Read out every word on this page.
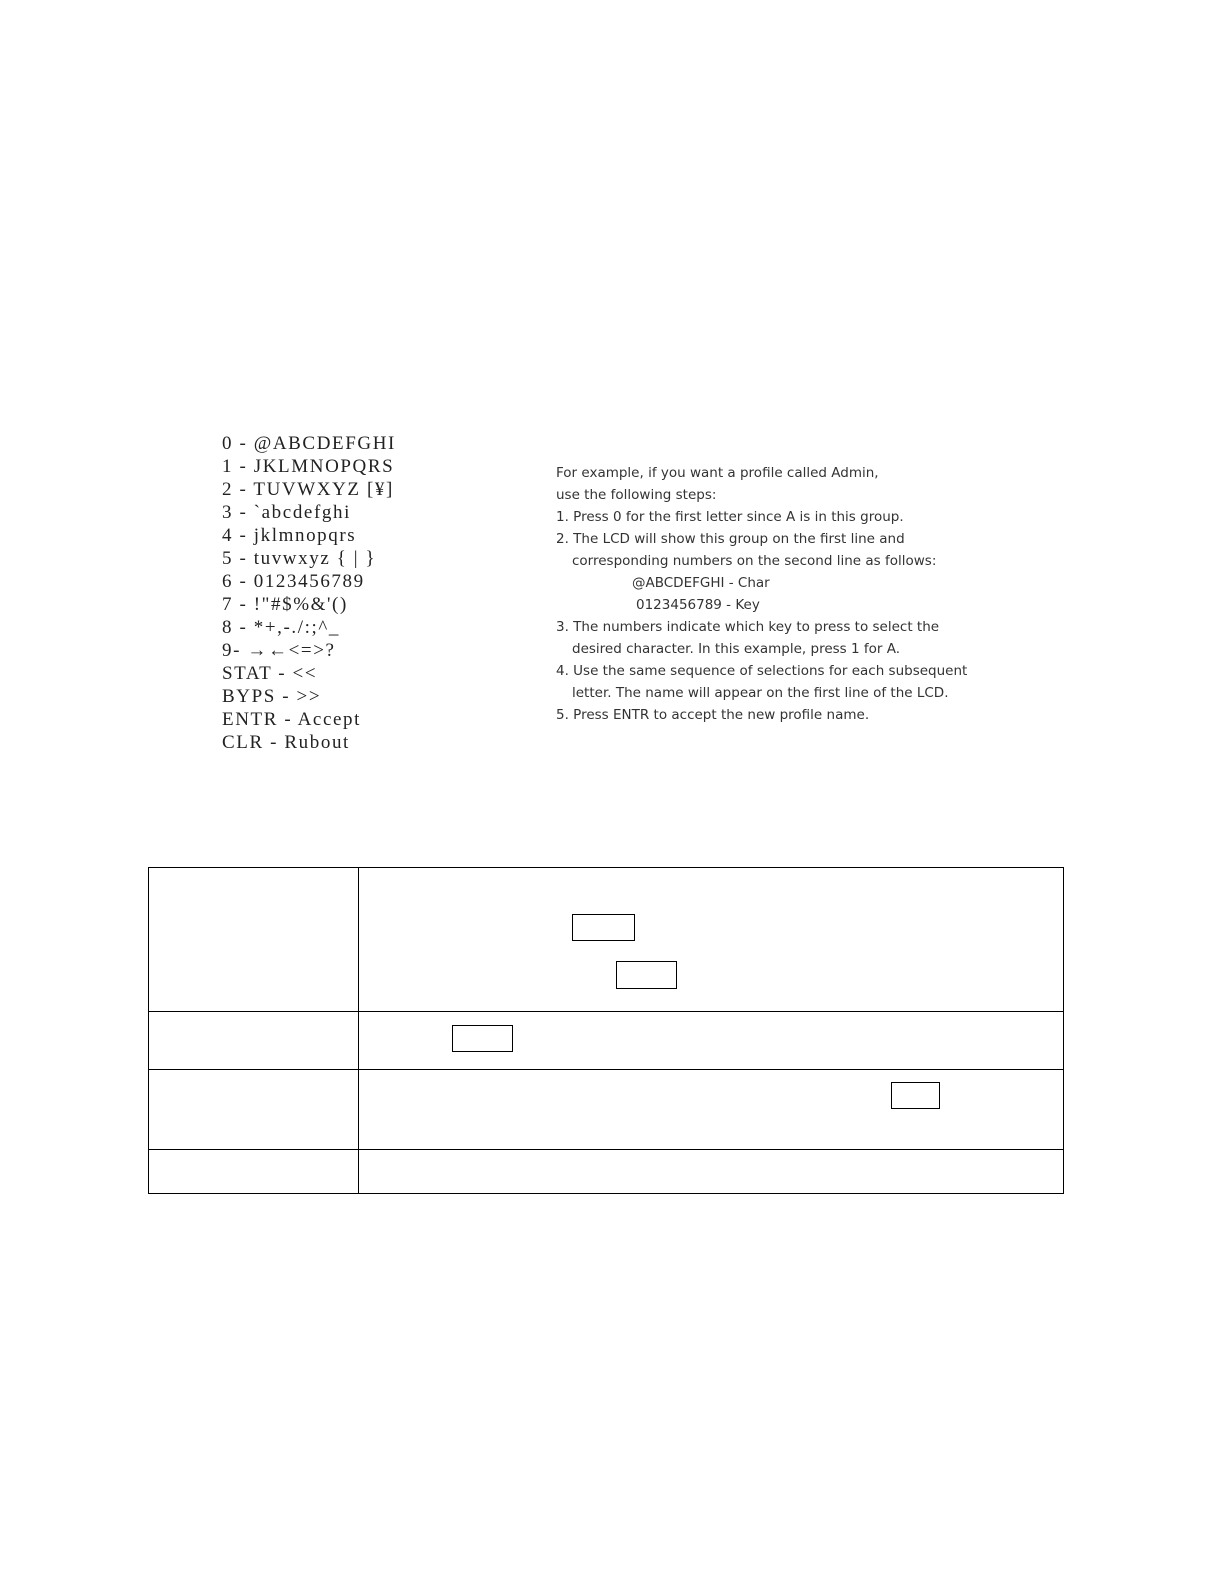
0 - @ABCDEFGHI
1 - JKLMNOPQRS
2 - TUVWXYZ [¥]
3 - `abcdefghi
4 - jklmnopqrs
5 - tuvwxyz { | }
6 - 0123456789
7 - !"#$%&'()
8 - *+,-./:;^_
9- →←<=>?
STAT - <<
BYPS - >>
ENTR - Accept
CLR - Rubout
For example, if you want a profile called Admin,
use the following steps:
1. Press 0 for the first letter since A is in this group.
2. The LCD will show this group on the first line and
corresponding numbers on the second line as follows:
@ABCDEFGHI - Char
0123456789 - Key
3. The numbers indicate which key to press to select the
desired character. In this example, press 1 for A.
4. Use the same sequence of selections for each subsequent
letter. The name will appear on the first line of the LCD.
5. Press ENTR to accept the new profile name.
